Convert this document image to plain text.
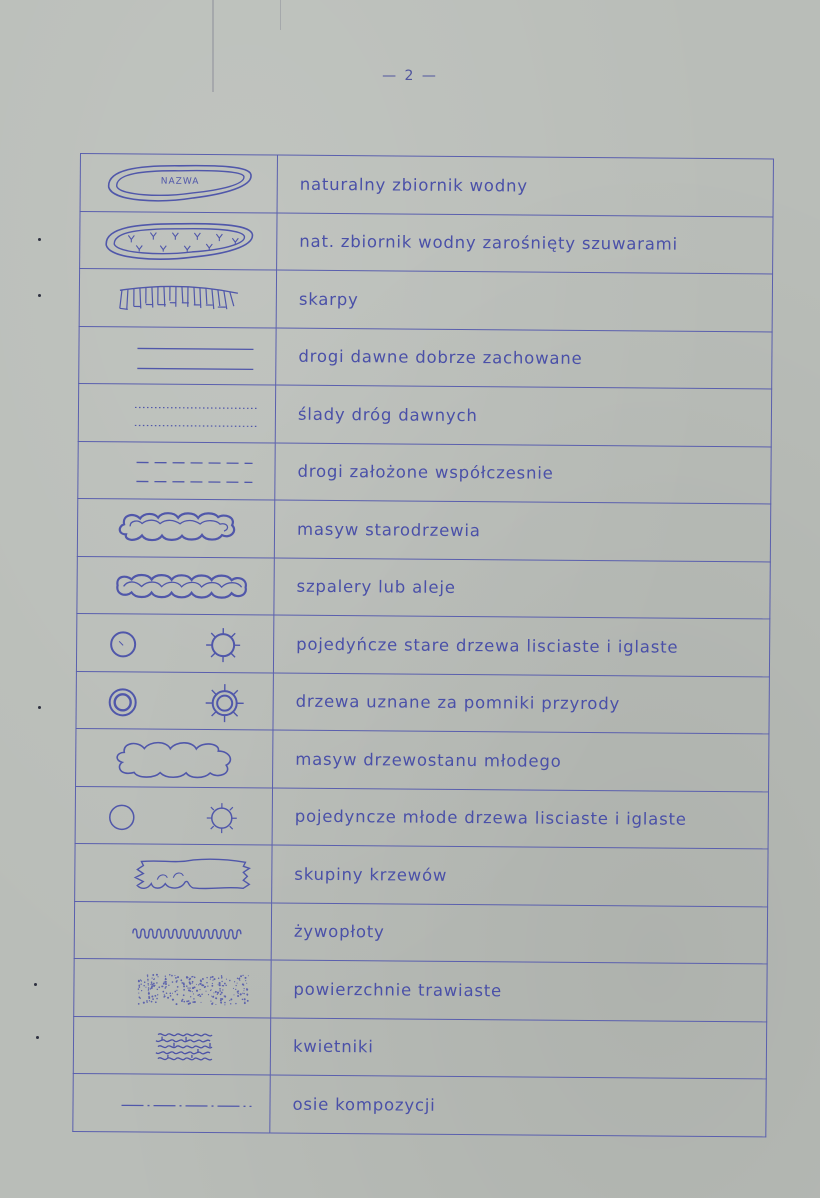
— 2 —
NAZWA	naturalny zbiornik wodny

	nat. zbiornik wodny zarośnięty szuwarami

	skarpy

	drogi dawne dobrze zachowane

	ślady dróg dawnych

	drogi założone współczesnie

	masyw starodrzewia

	szpalery lub aleje

	pojedyńcze stare drzewa lisciaste i iglaste

	drzewa uznane za pomniki przyrody

	masyw drzewostanu młodego

	pojedyncze młode drzewa lisciaste i iglaste

	skupiny krzewów

	żywopłoty

	powierzchnie trawiaste

	kwietniki

	osie kompozycji
